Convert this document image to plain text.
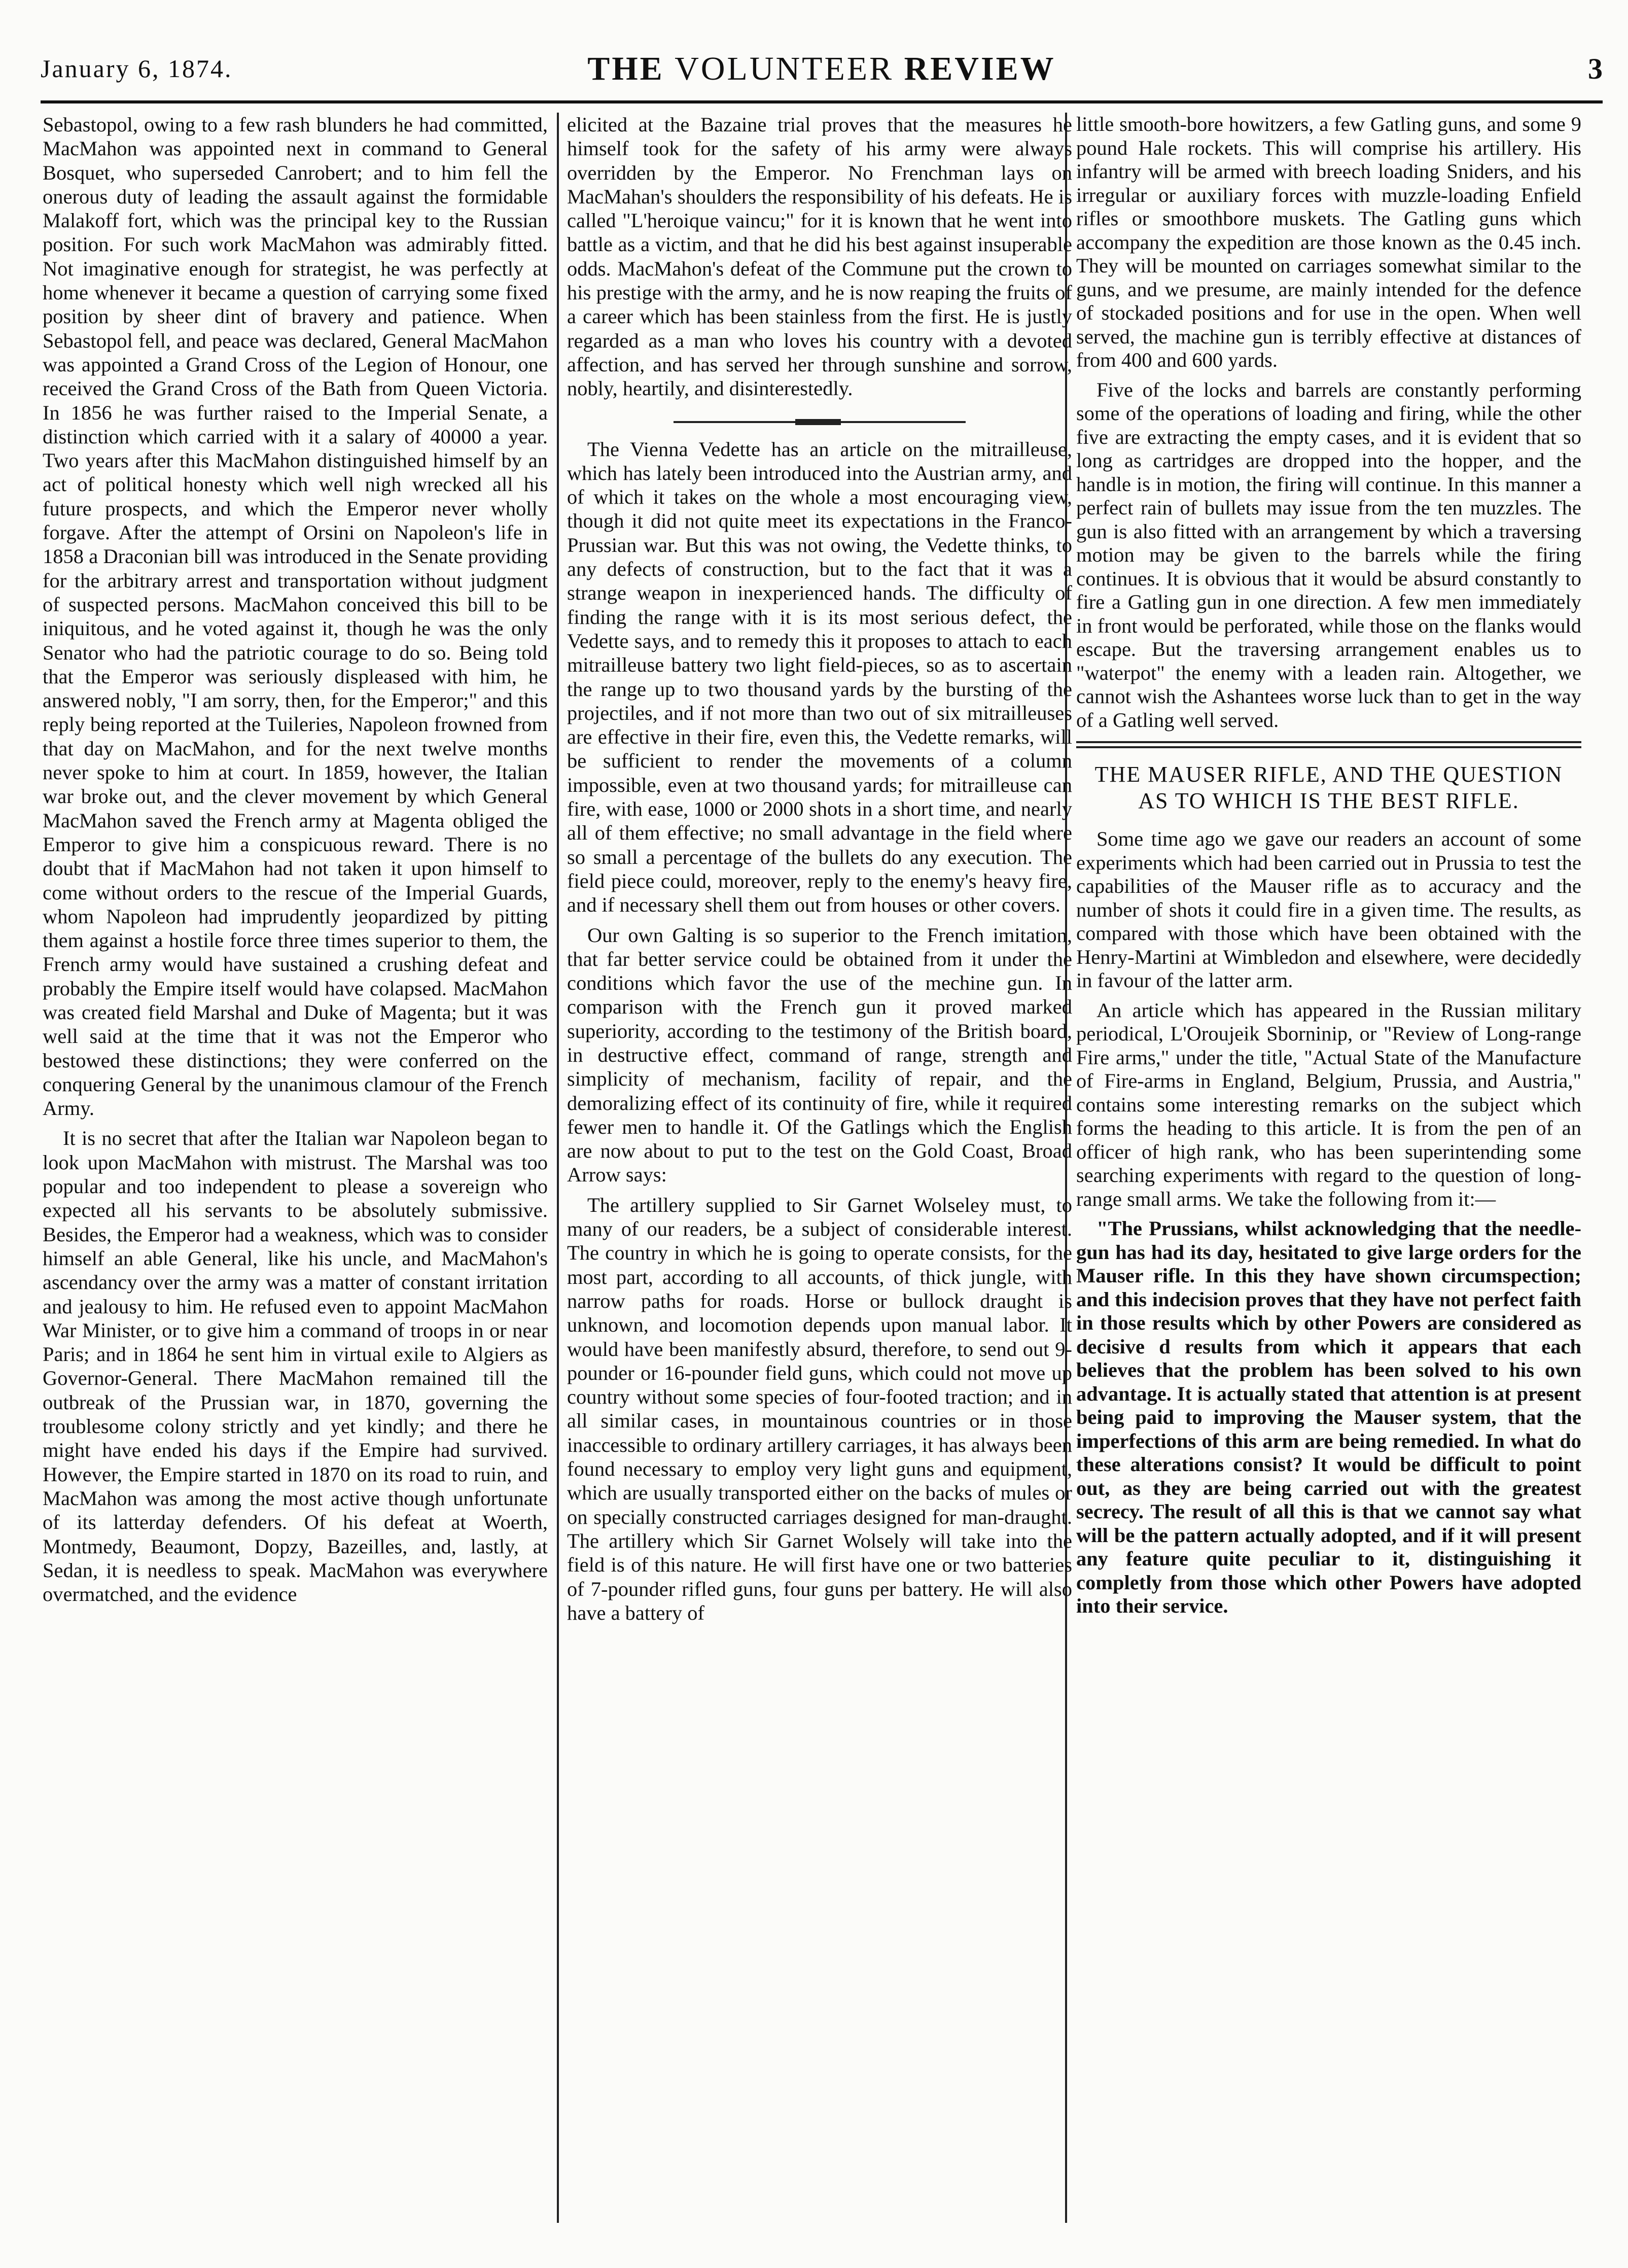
January 6, 1874.	THE VOLUNTEER REVIEW	3

Sebastopol, owing to a few rash blunders he had committed, MacMahon was appointed next in command to General Bosquet, who superseded Canrobert; and to him fell the onerous duty of leading the assault against the formidable Malakoff fort, which was the principal key to the Russian position. For such work MacMahon was admirably fitted. Not imaginative enough for strategist, he was perfectly at home whenever it became a question of carrying some fixed position by sheer dint of bravery and patience. When Sebastopol fell, and peace was declared, General MacMahon was appointed a Grand Cross of the Legion of Honour, one received the Grand Cross of the Bath from Queen Victoria. In 1856 he was further raised to the Imperial Senate, a distinction which carried with it a salary of 40000 a year. Two years after this MacMahon distinguished himself by an act of political honesty which well nigh wrecked all his future prospects, and which the Emperor never wholly forgave. After the attempt of Orsini on Napoleon's life in 1858 a Draconian bill was introduced in the Senate providing for the arbitrary arrest and transportation without judgment of suspected persons. MacMahon conceived this bill to be iniquitous, and he voted against it, though he was the only Senator who had the patriotic courage to do so. Being told that the Emperor was seriously displeased with him, he answered nobly, "I am sorry, then, for the Emperor;" and this reply being reported at the Tuileries, Napoleon frowned from that day on MacMahon, and for the next twelve months never spoke to him at court. In 1859, however, the Italian war broke out, and the clever movement by which General MacMahon saved the French army at Magenta obliged the Emperor to give him a conspicuous reward. There is no doubt that if MacMahon had not taken it upon himself to come without orders to the rescue of the Imperial Guards, whom Napoleon had imprudently jeopardized by pitting them against a hostile force three times superior to them, the French army would have sustained a crushing defeat and probably the Empire itself would have colapsed. MacMahon was created field Marshal and Duke of Magenta; but it was well said at the time that it was not the Emperor who bestowed these distinctions; they were conferred on the conquering General by the unanimous clamour of the French Army.

It is no secret that after the Italian war Napoleon began to look upon MacMahon with mistrust. The Marshal was too popular and too independent to please a sovereign who expected all his servants to be absolutely submissive. Besides, the Emperor had a weakness, which was to consider himself an able General, like his uncle, and MacMahon's ascendancy over the army was a matter of constant irritation and jealousy to him. He refused even to appoint MacMahon War Minister, or to give him a command of troops in or near Paris; and in 1864 he sent him in virtual exile to Algiers as Governor-General. There MacMahon remained till the outbreak of the Prussian war, in 1870, governing the troublesome colony strictly and yet kindly; and there he might have ended his days if the Empire had survived. However, the Empire started in 1870 on its road to ruin, and MacMahon was among the most active though unfortunate of its latterday defenders. Of his defeat at Woerth, Montmedy, Beaumont, Dopzy, Bazeilles, and, lastly, at Sedan, it is needless to speak. MacMahon was everywhere overmatched, and the evidence

elicited at the Bazaine trial proves that the measures he himself took for the safety of his army were always overridden by the Emperor. No Frenchman lays on MacMahan's shoulders the responsibility of his defeats. He is called "L'heroique vaincu;" for it is known that he went into battle as a victim, and that he did his best against insuperable odds. MacMahon's defeat of the Commune put the crown to his prestige with the army, and he is now reaping the fruits of a career which has been stainless from the first. He is justly regarded as a man who loves his country with a devoted affection, and has served her through sunshine and sorrow, nobly, heartily, and disinterestedly.

The Vienna Vedette has an article on the mitrailleuse, which has lately been introduced into the Austrian army, and of which it takes on the whole a most encouraging view, though it did not quite meet its expectations in the Franco-Prussian war. But this was not owing, the Vedette thinks, to any defects of construction, but to the fact that it was a strange weapon in inexperienced hands. The difficulty of finding the range with it is its most serious defect, the Vedette says, and to remedy this it proposes to attach to each mitrailleuse battery two light field-pieces, so as to ascertain the range up to two thousand yards by the bursting of the projectiles, and if not more than two out of six mitrailleuses are effective in their fire, even this, the Vedette remarks, will be sufficient to render the movements of a column impossible, even at two thousand yards; for mitrailleuse can fire, with ease, 1000 or 2000 shots in a short time, and nearly all of them effective; no small advantage in the field where so small a percentage of the bullets do any execution. The field piece could, moreover, reply to the enemy's heavy fire, and if necessary shell them out from houses or other covers.

Our own Galting is so superior to the French imitation, that far better service could be obtained from it under the conditions which favor the use of the mechine gun. In comparison with the French gun it proved marked superiority, according to the testimony of the British board, in destructive effect, command of range, strength and simplicity of mechanism, facility of repair, and the demoralizing effect of its continuity of fire, while it required fewer men to handle it. Of the Gatlings which the English are now about to put to the test on the Gold Coast, Broad Arrow says:

The artillery supplied to Sir Garnet Wolseley must, to many of our readers, be a subject of considerable interest. The country in which he is going to operate consists, for the most part, according to all accounts, of thick jungle, with narrow paths for roads. Horse or bullock draught is unknown, and locomotion depends upon manual labor. It would have been manifestly absurd, therefore, to send out 9-pounder or 16-pounder field guns, which could not move up country without some species of four-footed traction; and in all similar cases, in mountainous countries or in those inaccessible to ordinary artillery carriages, it has always been found necessary to employ very light guns and equipment, which are usually transported either on the backs of mules or on specially constructed carriages designed for man-draught. The artillery which Sir Garnet Wolsely will take into the field is of this nature. He will first have one or two batteries of 7-pounder rifled guns, four guns per battery. He will also have a battery of

little smooth-bore howitzers, a few Gatling guns, and some 9 pound Hale rockets. This will comprise his artillery. His infantry will be armed with breech loading Sniders, and his irregular or auxiliary forces with muzzle-loading Enfield rifles or smoothbore muskets. The Gatling guns which accompany the expedition are those known as the 0.45 inch. They will be mounted on carriages somewhat similar to the guns, and we presume, are mainly intended for the defence of stockaded positions and for use in the open. When well served, the machine gun is terribly effective at distances of from 400 and 600 yards.

Five of the locks and barrels are constantly performing some of the operations of loading and firing, while the other five are extracting the empty cases, and it is evident that so long as cartridges are dropped into the hopper, and the handle is in motion, the firing will continue. In this manner a perfect rain of bullets may issue from the ten muzzles. The gun is also fitted with an arrangement by which a traversing motion may be given to the barrels while the firing continues. It is obvious that it would be absurd constantly to fire a Gatling gun in one direction. A few men immediately in front would be perforated, while those on the flanks would escape. But the traversing arrangement enables us to "waterpot" the enemy with a leaden rain. Altogether, we cannot wish the Ashantees worse luck than to get in the way of a Gatling well served.

THE MAUSER RIFLE, AND THE QUESTION AS TO WHICH IS THE BEST RIFLE.

Some time ago we gave our readers an account of some experiments which had been carried out in Prussia to test the capabilities of the Mauser rifle as to accuracy and the number of shots it could fire in a given time. The results, as compared with those which have been obtained with the Henry-Martini at Wimbledon and elsewhere, were decidedly in favour of the latter arm.

An article which has appeared in the Russian military periodical, L'Oroujeik Sborninip, or "Review of Long-range Fire arms," under the title, "Actual State of the Manufacture of Fire-arms in England, Belgium, Prussia, and Austria," contains some interesting remarks on the subject which forms the heading to this article. It is from the pen of an officer of high rank, who has been superintending some searching experiments with regard to the question of long-range small arms. We take the following from it:—

"The Prussians, whilst acknowledging that the needle-gun has had its day, hesitated to give large orders for the Mauser rifle. In this they have shown circumspection; and this indecision proves that they have not perfect faith in those results which by other Powers are considered as decisive d results from which it appears that each believes that the problem has been solved to his own advantage. It is actually stated that attention is at present being paid to improving the Mauser system, that the imperfections of this arm are being remedied. In what do these alterations consist? It would be difficult to point out, as they are being carried out with the greatest secrecy. The result of all this is that we cannot say what will be the pattern actually adopted, and if it will present any feature quite peculiar to it, distinguishing it completly from those which other Powers have adopted into their service.
